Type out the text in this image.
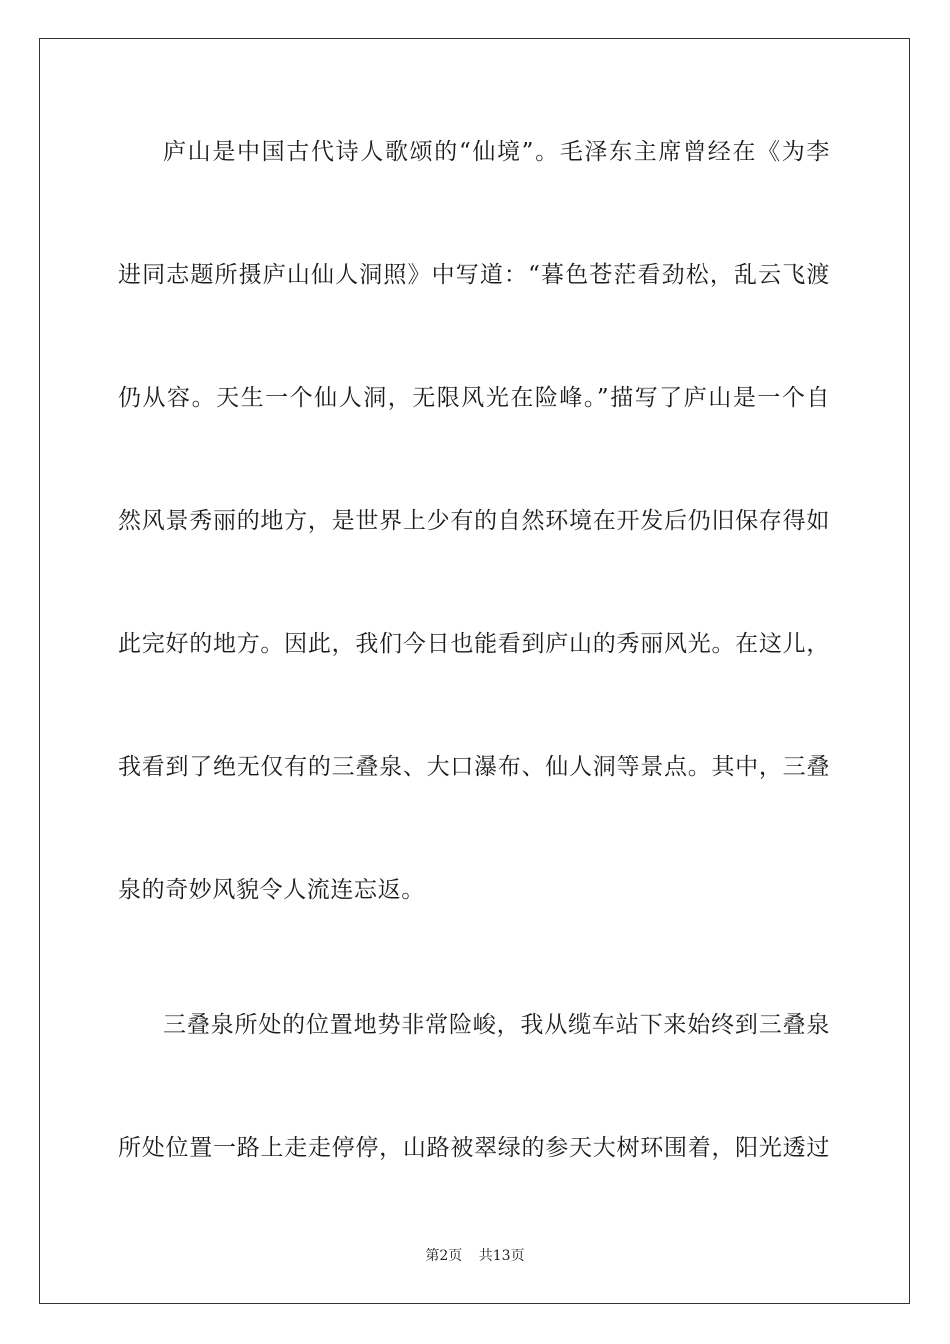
庐山是中国古代诗人歌颂的“仙境”。毛泽东主席曾经在《为李
进同志题所摄庐山仙人洞照》中写道：“暮色苍茫看劲松，乱云飞渡
仍从容。天生一个仙人洞，无限风光在险峰。”描写了庐山是一个自
然风景秀丽的地方，是世界上少有的自然环境在开发后仍旧保存得如
此完好的地方。因此，我们今日也能看到庐山的秀丽风光。在这儿，
我看到了绝无仅有的三叠泉、大口瀑布、仙人洞等景点。其中，三叠
泉的奇妙风貌令人流连忘返。
三叠泉所处的位置地势非常险峻，我从缆车站下来始终到三叠泉
所处位置一路上走走停停，山路被翠绿的参天大树环围着，阳光透过
第2页 共13页
